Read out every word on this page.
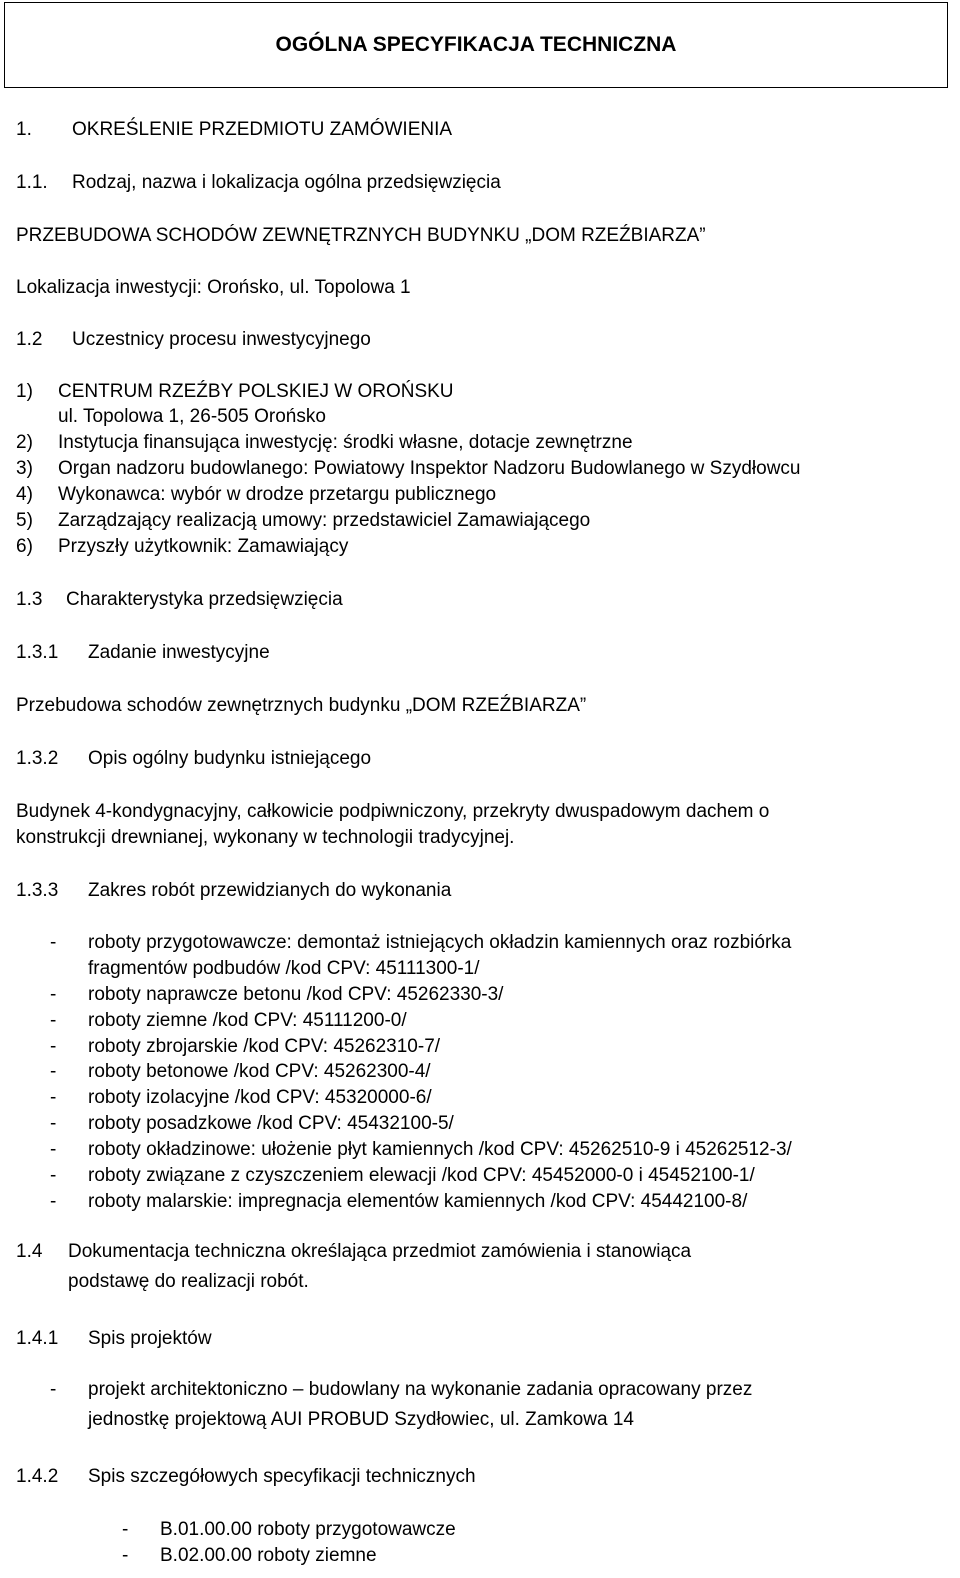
OGÓLNA SPECYFIKACJA TECHNICZNA
1. OKREŚLENIE PRZEDMIOTU ZAMÓWIENIA
1.1. Rodzaj, nazwa i lokalizacja ogólna przedsięwzięcia
PRZEBUDOWA SCHODÓW ZEWNĘTRZNYCH BUDYNKU „DOM RZEŹBIARZA”
Lokalizacja inwestycji: Orońsko, ul. Topolowa 1
1.2 Uczestnicy procesu inwestycyjnego
1) CENTRUM RZEŹBY POLSKIEJ W OROŃSKU
ul. Topolowa 1, 26-505 Orońsko
2) Instytucja finansująca inwestycję: środki własne, dotacje zewnętrzne
3) Organ nadzoru budowlanego: Powiatowy Inspektor Nadzoru Budowlanego w Szydłowcu
4) Wykonawca: wybór w drodze przetargu publicznego
5) Zarządzający realizacją umowy: przedstawiciel Zamawiającego
6) Przyszły użytkownik: Zamawiający
1.3 Charakterystyka przedsięwzięcia
1.3.1 Zadanie inwestycyjne
Przebudowa schodów zewnętrznych budynku „DOM RZEŹBIARZA”
1.3.2 Opis ogólny budynku istniejącego
Budynek 4-kondygnacyjny, całkowicie podpiwniczony, przekryty dwuspadowym dachem o
konstrukcji drewnianej, wykonany w technologii tradycyjnej.
1.3.3 Zakres robót przewidzianych do wykonania
- roboty przygotowawcze: demontaż istniejących okładzin kamiennych oraz rozbiórka
fragmentów podbudów /kod CPV: 45111300-1/
- roboty naprawcze betonu /kod CPV: 45262330-3/
- roboty ziemne /kod CPV: 45111200-0/
- roboty zbrojarskie /kod CPV: 45262310-7/
- roboty betonowe /kod CPV: 45262300-4/
- roboty izolacyjne /kod CPV: 45320000-6/
- roboty posadzkowe /kod CPV: 45432100-5/
- roboty okładzinowe: ułożenie płyt kamiennych /kod CPV: 45262510-9 i 45262512-3/
- roboty związane z czyszczeniem elewacji /kod CPV: 45452000-0 i 45452100-1/
- roboty malarskie: impregnacja elementów kamiennych /kod CPV: 45442100-8/
1.4 Dokumentacja techniczna określająca przedmiot zamówienia i stanowiąca
podstawę do realizacji robót.
1.4.1 Spis projektów
- projekt architektoniczno – budowlany na wykonanie zadania opracowany przez
jednostkę projektową AUI PROBUD Szydłowiec, ul. Zamkowa 14
1.4.2 Spis szczegółowych specyfikacji technicznych
- B.01.00.00 roboty przygotowawcze
- B.02.00.00 roboty ziemne
